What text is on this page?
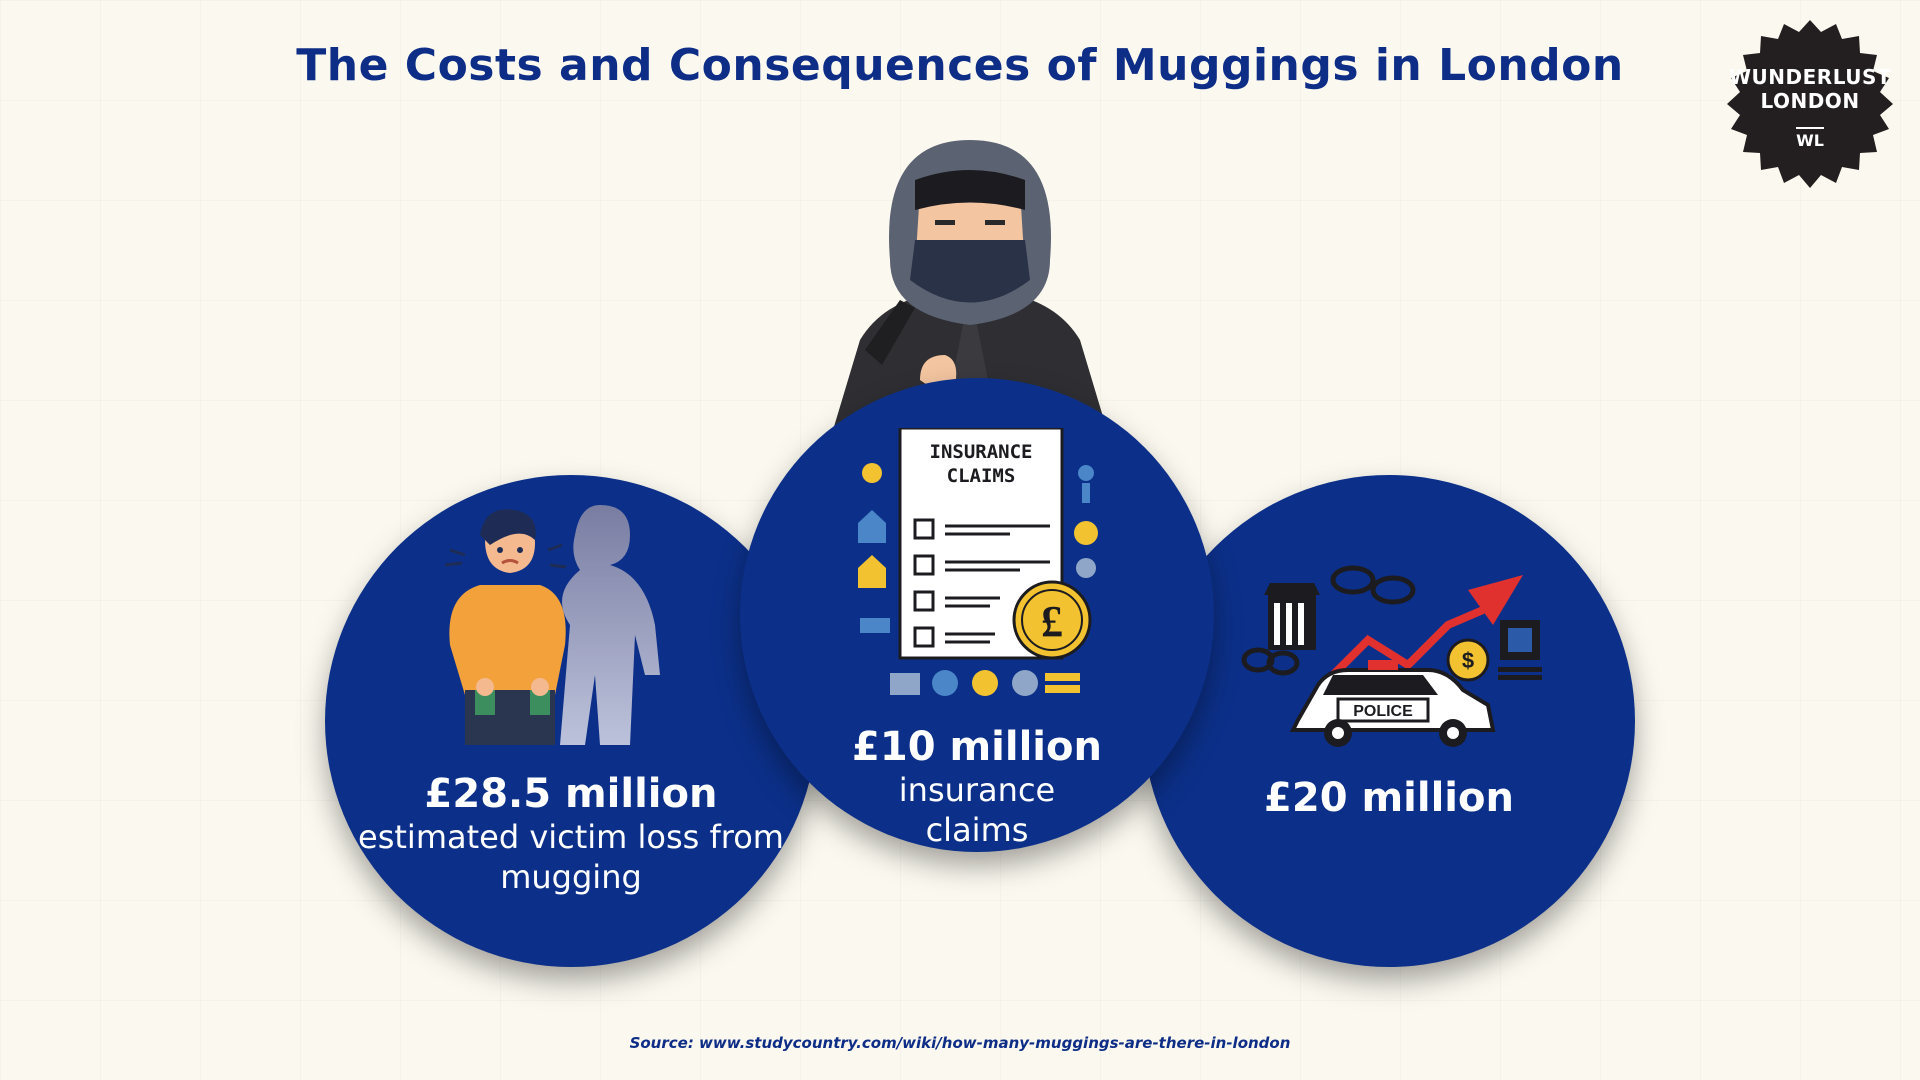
The Costs and Consequences of Muggings in London	WUNDERLUST
LONDON
WL
£28.5 million
estimated victim loss from mugging
$
POLICE
£20 million
INSURANCE
CLAIMS
£
£10 million
insurance claims
Source: www.studycountry.com/wiki/how-many-muggings-are-there-in-london
